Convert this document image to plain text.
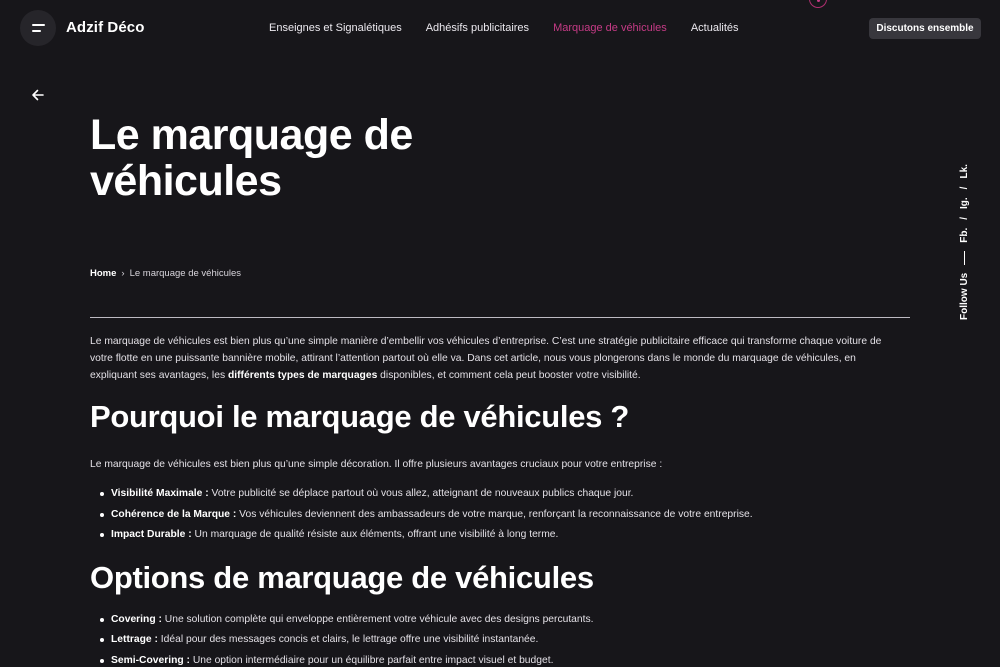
Adzif Déco	Enseignes et Signalétiques Adhésifs publicitaires Marquage de véhicules Actualités	Discutons ensemble
Le marquage de véhicules
Home › Le marquage de véhicules

Le marquage de véhicules est bien plus qu’une simple manière d’embellir vos véhicules d’entreprise. C’est une stratégie publicitaire efficace qui transforme chaque voiture de votre flotte en une puissante bannière mobile, attirant l’attention partout où elle va. Dans cet article, nous vous plongerons dans le monde du marquage de véhicules, en expliquant ses avantages, les différents types de marquages disponibles, et comment cela peut booster votre visibilité.

Pourquoi le marquage de véhicules ?

Le marquage de véhicules est bien plus qu’une simple décoration. Il offre plusieurs avantages cruciaux pour votre entreprise :

Visibilité Maximale : Votre publicité se déplace partout où vous allez, atteignant de nouveaux publics chaque jour.
Cohérence de la Marque : Vos véhicules deviennent des ambassadeurs de votre marque, renforçant la reconnaissance de votre entreprise.
Impact Durable : Un marquage de qualité résiste aux éléments, offrant une visibilité à long terme.
Options de marquage de véhicules
Covering : Une solution complète qui enveloppe entièrement votre véhicule avec des designs percutants.
Lettrage : Idéal pour des messages concis et clairs, le lettrage offre une visibilité instantanée.
Semi-Covering : Une option intermédiaire pour un équilibre parfait entre impact visuel et budget.
Follow Us
Fb.
/
Ig.
/
Lk.
